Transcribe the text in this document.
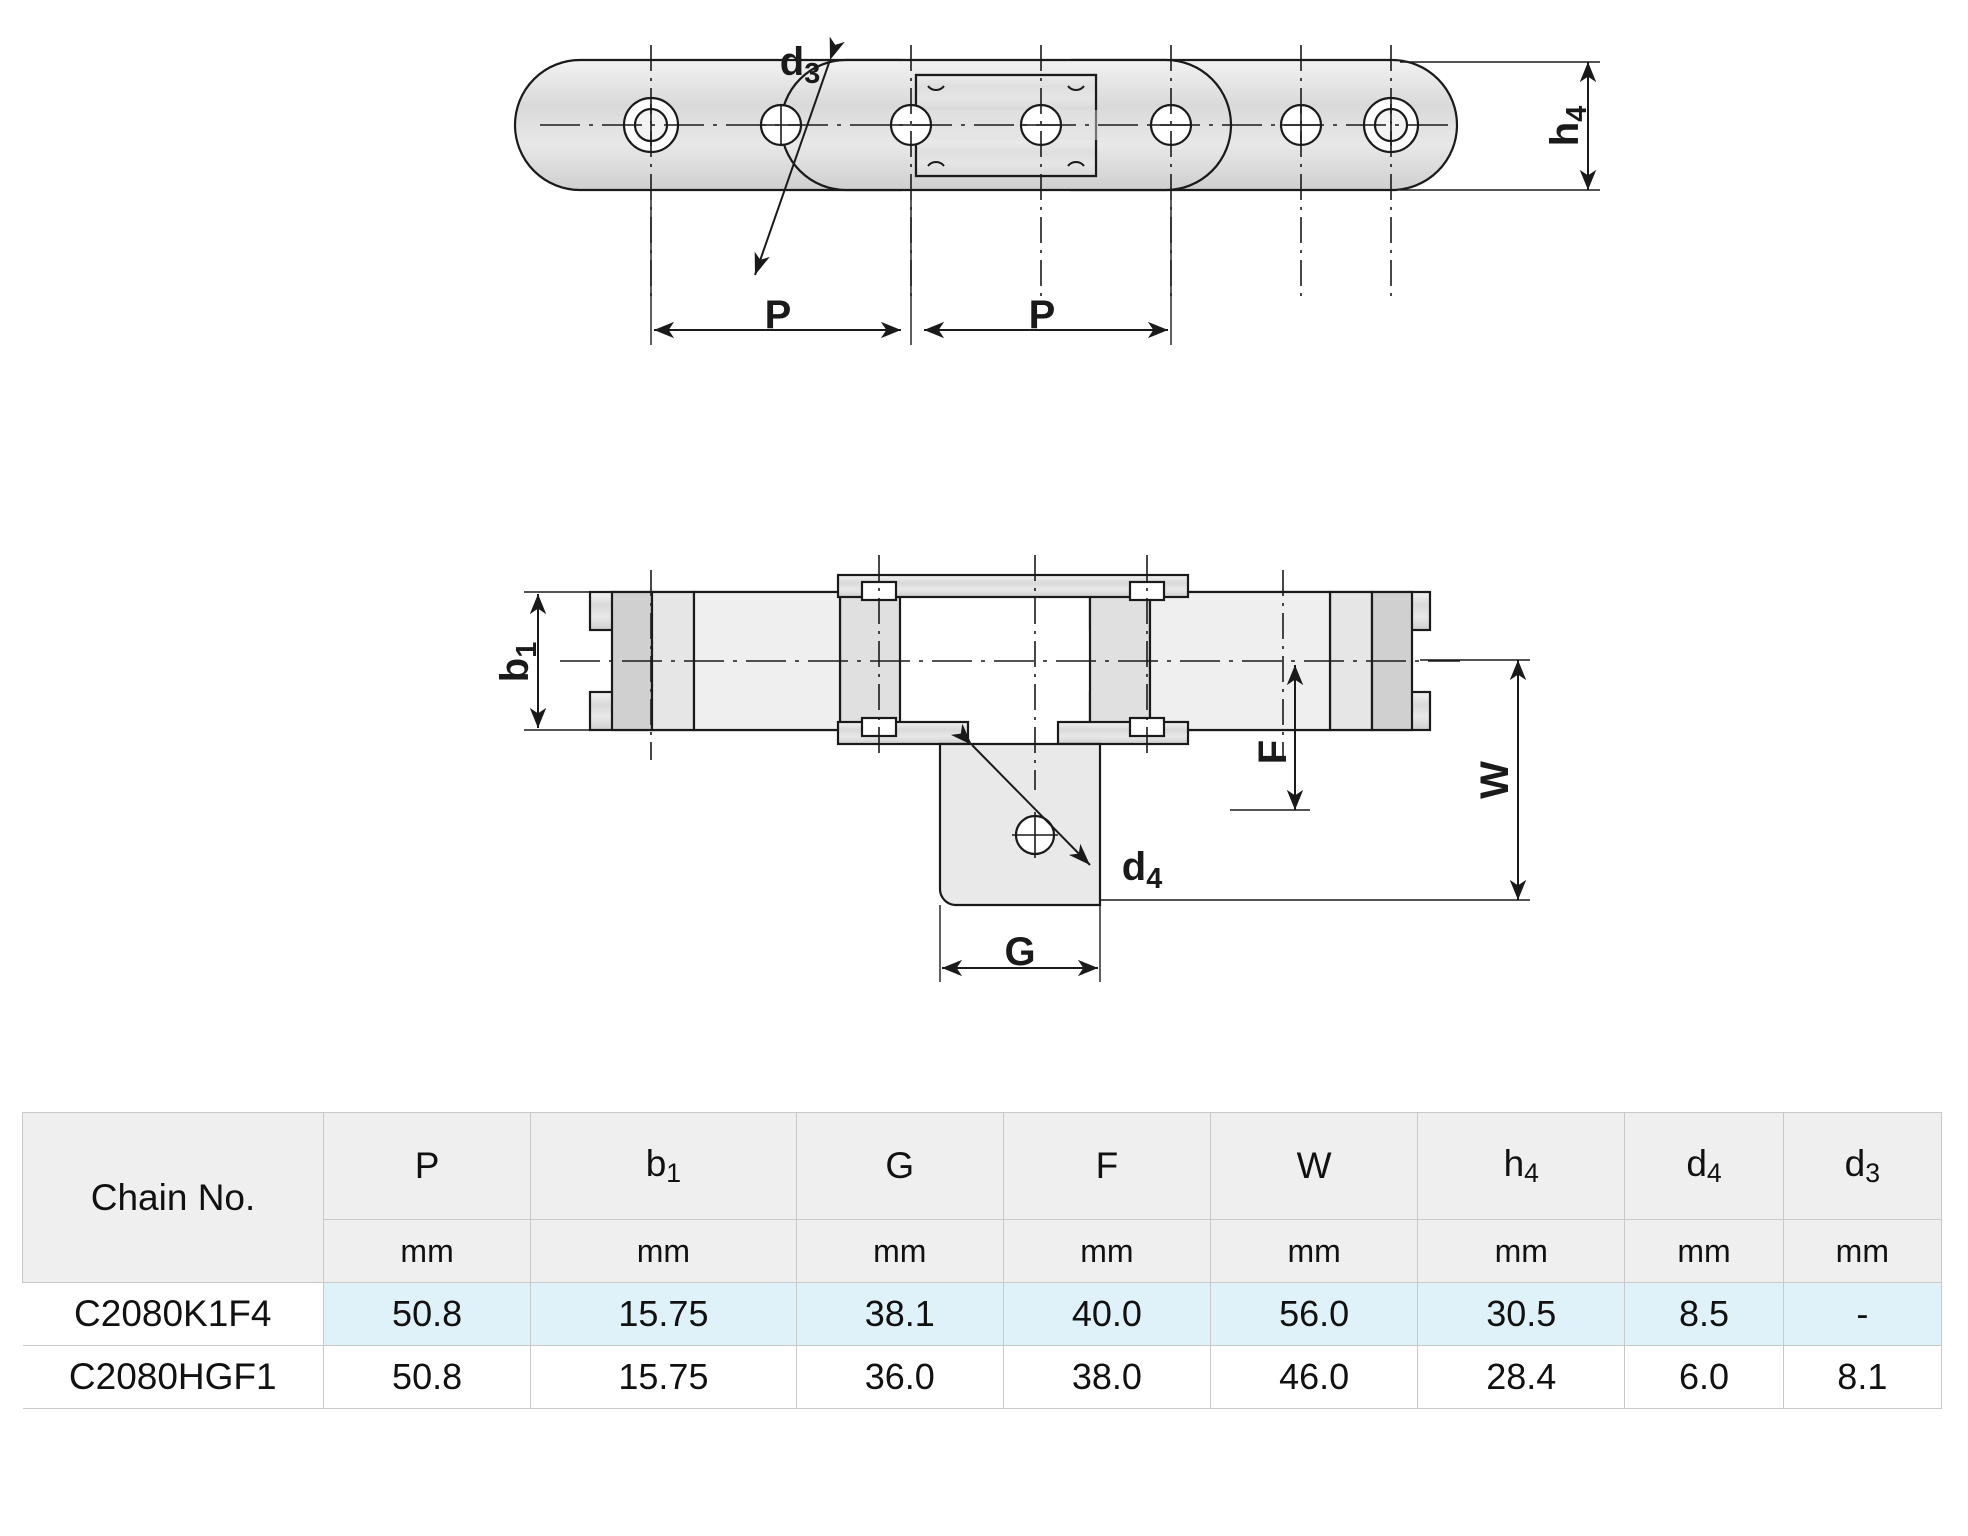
$d_3$
P	P
$h_4$
$b_1$
W
F
G
$d_4$
Chain No.	P	$b_1$	G	F	W	$h_4$	$d_4$	$d_3$
	mm	mm	mm	mm	mm	mm	mm	mm
C2080K1F4	50.8	15.75	38.1	40.0	56.0	30.5	8.5	-
C2080HGF1	50.8	15.75	36.0	38.0	46.0	28.4	6.0	8.1
